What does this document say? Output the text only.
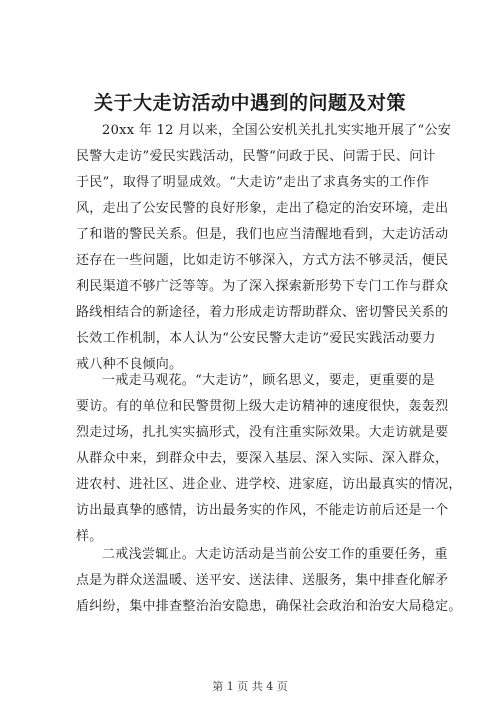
关于大走访活动中遇到的问题及对策
20xx 年 12 月以来，全国公安机关扎扎实实地开展了“公安
民警大走访”爱民实践活动，民警“问政于民、问需于民、问计
于民”，取得了明显成效。“大走访”走出了求真务实的工作作
风，走出了公安民警的良好形象，走出了稳定的治安环境，走出
了和谐的警民关系。但是，我们也应当清醒地看到，大走访活动
还存在一些问题，比如走访不够深入，方式方法不够灵活，便民
利民渠道不够广泛等等。为了深入探索新形势下专门工作与群众
路线相结合的新途径，着力形成走访帮助群众、密切警民关系的
长效工作机制，本人认为“公安民警大走访”爱民实践活动要力
戒八种不良倾向。
一戒走马观花。“大走访”，顾名思义，要走，更重要的是
要访。有的单位和民警贯彻上级大走访精神的速度很快，轰轰烈
烈走过场，扎扎实实搞形式，没有注重实际效果。大走访就是要
从群众中来，到群众中去，要深入基层、深入实际、深入群众，
进农村、进社区、进企业、进学校、进家庭，访出最真实的情况，
访出最真挚的感情，访出最务实的作风，不能走访前后还是一个
样。
二戒浅尝辄止。大走访活动是当前公安工作的重要任务，重
点是为群众送温暖、送平安、送法律、送服务，集中排查化解矛
盾纠纷，集中排查整治治安隐患，确保社会政治和治安大局稳定。
第 1 页 共 4 页
